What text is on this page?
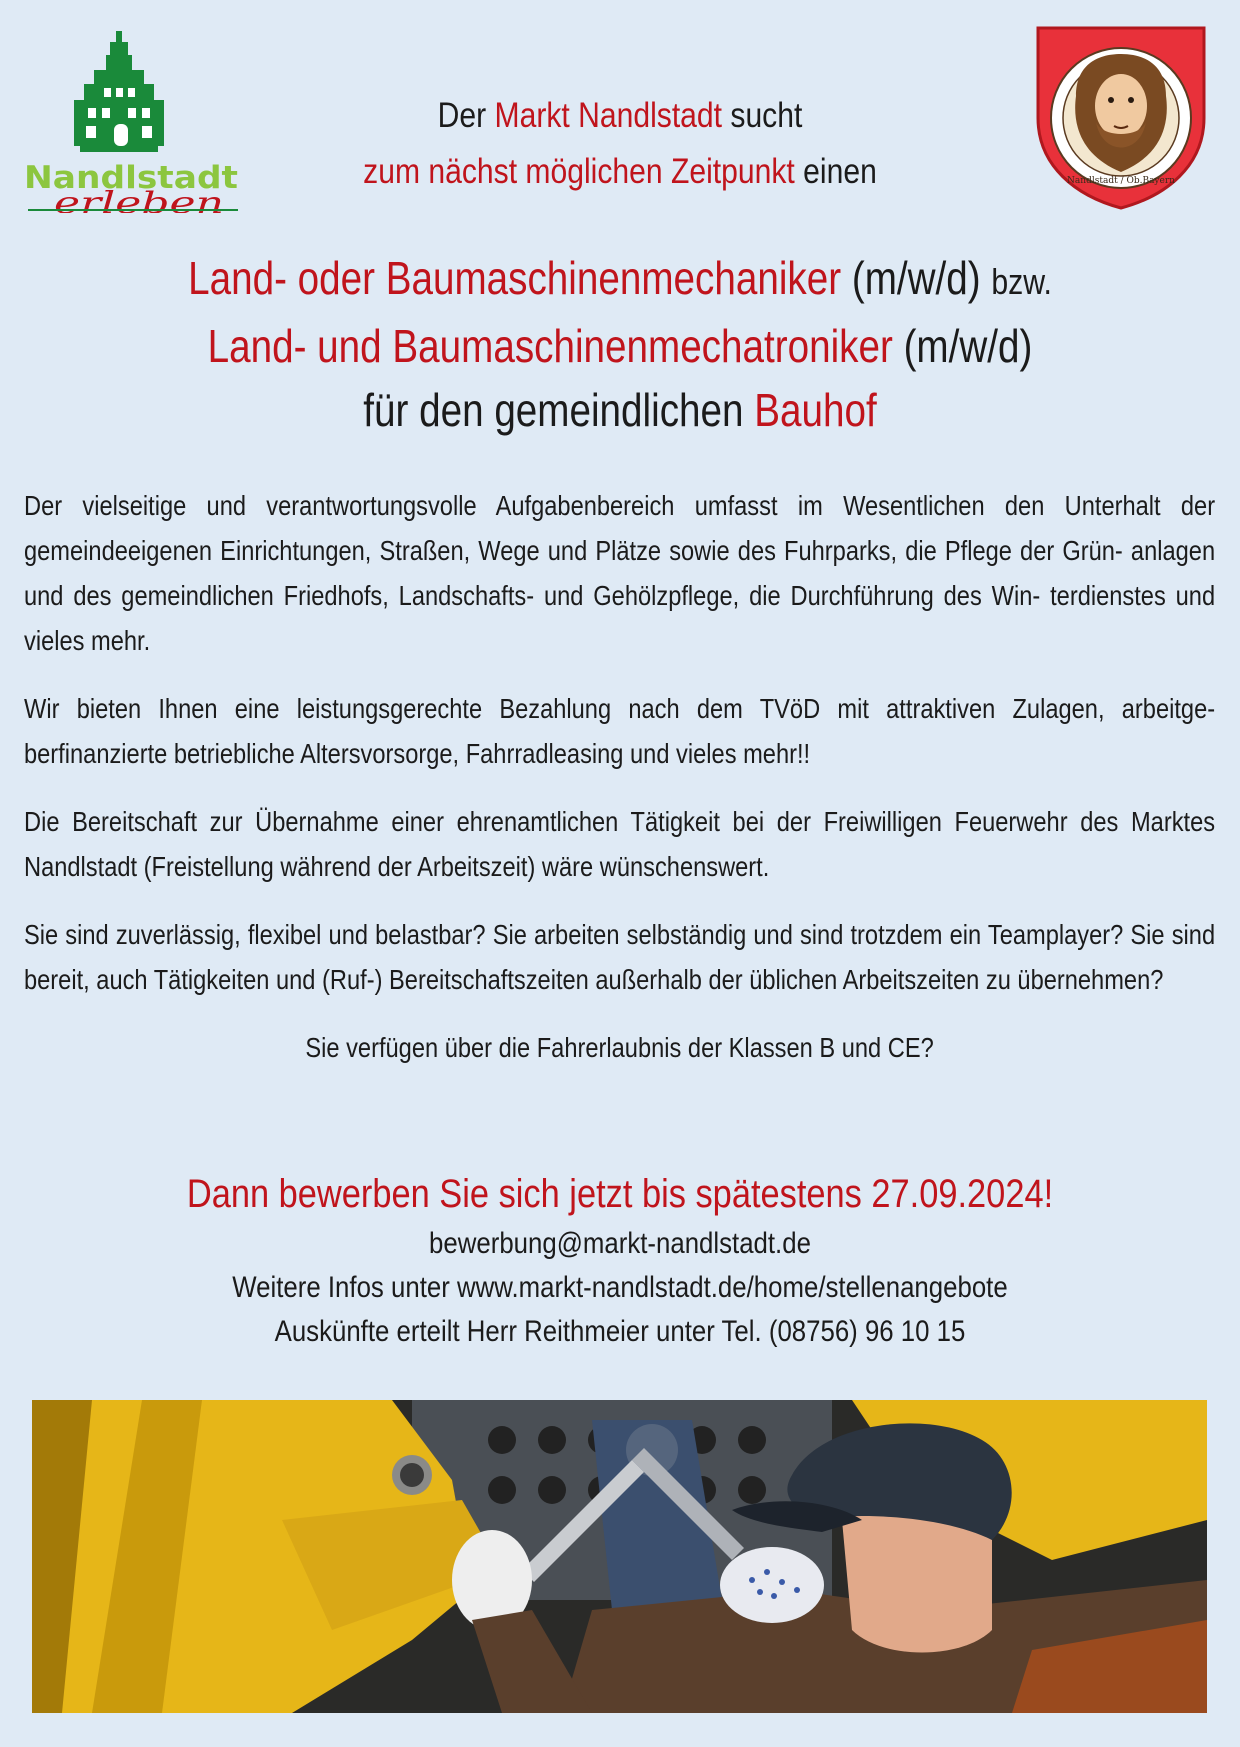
Nandlstadt
erleben
Nandlstadt / Ob.Bayern
Der Markt Nandlstadt sucht
zum nächst möglichen Zeitpunkt einen
Land- oder Baumaschinenmechaniker (m/w/d) bzw.
Land- und Baumaschinenmechatroniker (m/w/d)
für den gemeindlichen Bauhof

Der vielseitige und verantwortungsvolle Aufgabenbereich umfasst im Wesentlichen den Unterhalt der gemeindeeigenen Einrichtungen, Straßen, Wege und Plätze sowie des Fuhrparks, die Pflege der Grün- anlagen und des gemeindlichen Friedhofs, Landschafts- und Gehölzpflege, die Durchführung des Win- terdienstes und vieles mehr.

Wir bieten Ihnen eine leistungsgerechte Bezahlung nach dem TVöD mit attraktiven Zulagen, arbeitge- berfinanzierte betriebliche Altersvorsorge, Fahrradleasing und vieles mehr!!

Die Bereitschaft zur Übernahme einer ehrenamtlichen Tätigkeit bei der Freiwilligen Feuerwehr des Marktes Nandlstadt (Freistellung während der Arbeitszeit) wäre wünschenswert.

Sie sind zuverlässig, flexibel und belastbar? Sie arbeiten selbständig und sind trotzdem ein Teamplayer? Sie sind bereit, auch Tätigkeiten und (Ruf-) Bereitschaftszeiten außerhalb der üblichen Arbeitszeiten zu übernehmen?

Sie verfügen über die Fahrerlaubnis der Klassen B und CE?

Dann bewerben Sie sich jetzt bis spätestens 27.09.2024!
bewerbung@markt-nandlstadt.de
Weitere Infos unter www.markt-nandlstadt.de/home/stellenangebote
Auskünfte erteilt Herr Reithmeier unter Tel. (08756) 96 10 15
